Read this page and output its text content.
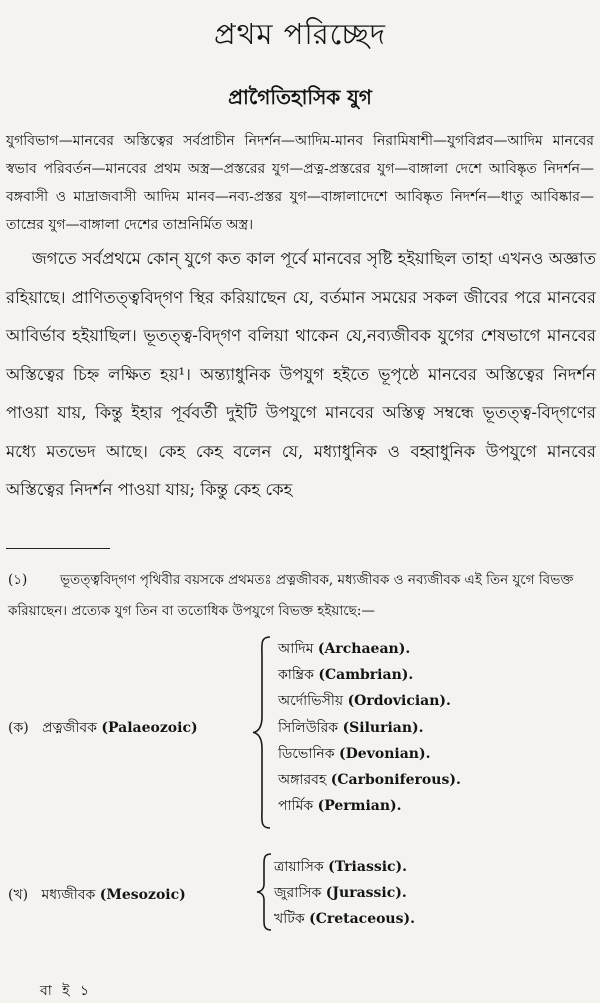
প্রথম পরিচ্ছেদ
প্রাগৈতিহাসিক যুগ
যুগবিভাগ—মানবের অস্তিত্বের সর্বপ্রাচীন নিদর্শন—আদিম-মানব নিরামিষাশী—যুগবিপ্লব—আদিম মানবের স্বভাব পরিবর্তন—মানবের প্রথম অস্ত্র—প্রস্তরের যুগ—প্রত্ন-প্রস্তরের যুগ—বাঙ্গালা দেশে আবিষ্কৃত নিদর্শন—বঙ্গবাসী ও মাদ্রাজবাসী আদিম মানব—নব্য-প্রস্তর যুগ—বাঙ্গালাদেশে আবিষ্কৃত নিদর্শন—ধাতু আবিষ্কার—তাম্রের যুগ—বাঙ্গালা দেশের তাম্রনির্মিত অস্ত্র।
জগতে সর্বপ্রথমে কোন্ যুগে কত কাল পূর্বে মানবের সৃষ্টি হইয়াছিল তাহা এখনও অজ্ঞাত রহিয়াছে। প্রাণিতত্ত্ববিদ্‌গণ স্থির করিয়াছেন যে, বর্তমান সময়ের সকল জীবের পরে মানবের আবির্ভাব হইয়াছিল। ভূতত্ত্ব-বিদ্‌গণ বলিয়া থাকেন যে,নব্যজীবক যুগের শেষভাগে মানবের অস্তিত্বের চিহ্ন লক্ষিত হয়¹। অন্ত্যাধুনিক উপযুগ হইতে ভূপৃষ্ঠে মানবের অস্তিত্বের নিদর্শন পাওয়া যায়, কিন্তু ইহার পূর্ববর্তী দুইটি উপযুগে মানবের অস্তিত্ব সম্বন্ধে ভূতত্ত্ব-বিদ্‌গণের মধ্যে মতভেদ আছে। কেহ কেহ বলেন যে, মধ্যাধুনিক ও বহ্বাধুনিক উপযুগে মানবের অস্তিত্বের নিদর্শন পাওয়া যায়; কিন্তু কেহ কেহ
(১) ভূতত্ত্ববিদ্‌গণ পৃথিবীর বয়সকে প্রথমতঃ প্রত্নজীবক, মধ্যজীবক ও নব্যজীবক এই তিন যুগে বিভক্ত করিয়াছেন। প্রত্যেক যুগ তিন বা ততোধিক উপযুগে বিভক্ত হইয়াছে:—
(ক) প্রত্নজীবক (Palaeozoic)
আদিম (Archaean).
কাম্ব্রিক (Cambrian).
অর্দোভিসীয় (Ordovician).
সিলিউরিক (Silurian).
ডিভোনিক (Devonian).
অঙ্গারবহ (Carboniferous).
পার্মিক (Permian).
(খ) মধ্যজীবক (Mesozoic)
ত্রায়াসিক (Triassic).
জুরাসিক (Jurassic).
খটিক (Cretaceous).
বা ই ১
